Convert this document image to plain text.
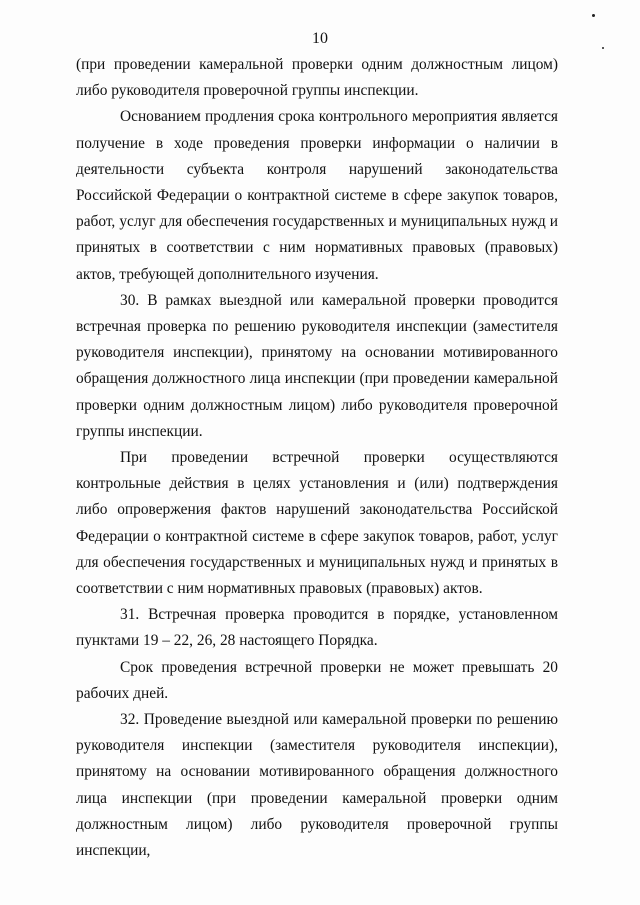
10

(при проведении камеральной проверки одним должностным лицом) либо руководителя проверочной группы инспекции.

Основанием продления срока контрольного мероприятия является получение в ходе проведения проверки информации о наличии в деятельности субъекта контроля нарушений законодательства Российской Федерации о контрактной системе в сфере закупок товаров, работ, услуг для обеспечения государственных и муниципальных нужд и принятых в соответствии с ним нормативных правовых (правовых) актов, требующей дополнительного изучения.

30. В рамках выездной или камеральной проверки проводится встречная проверка по решению руководителя инспекции (заместителя руководителя инспекции), принятому на основании мотивированного обращения должностного лица инспекции (при проведении камеральной проверки одним должностным лицом) либо руководителя проверочной группы инспекции.

При проведении встречной проверки осуществляются контрольные действия в целях установления и (или) подтверждения либо опровержения фактов нарушений законодательства Российской Федерации о контрактной системе в сфере закупок товаров, работ, услуг для обеспечения государственных и муниципальных нужд и принятых в соответствии с ним нормативных правовых (правовых) актов.

31. Встречная проверка проводится в порядке, установленном пунктами 19 – 22, 26, 28 настоящего Порядка.

Срок проведения встречной проверки не может превышать 20 рабочих дней.

32. Проведение выездной или камеральной проверки по решению руководителя инспекции (заместителя руководителя инспекции), принятому на основании мотивированного обращения должностного лица инспекции (при проведении камеральной проверки одним должностным лицом) либо руководителя проверочной группы инспекции,
